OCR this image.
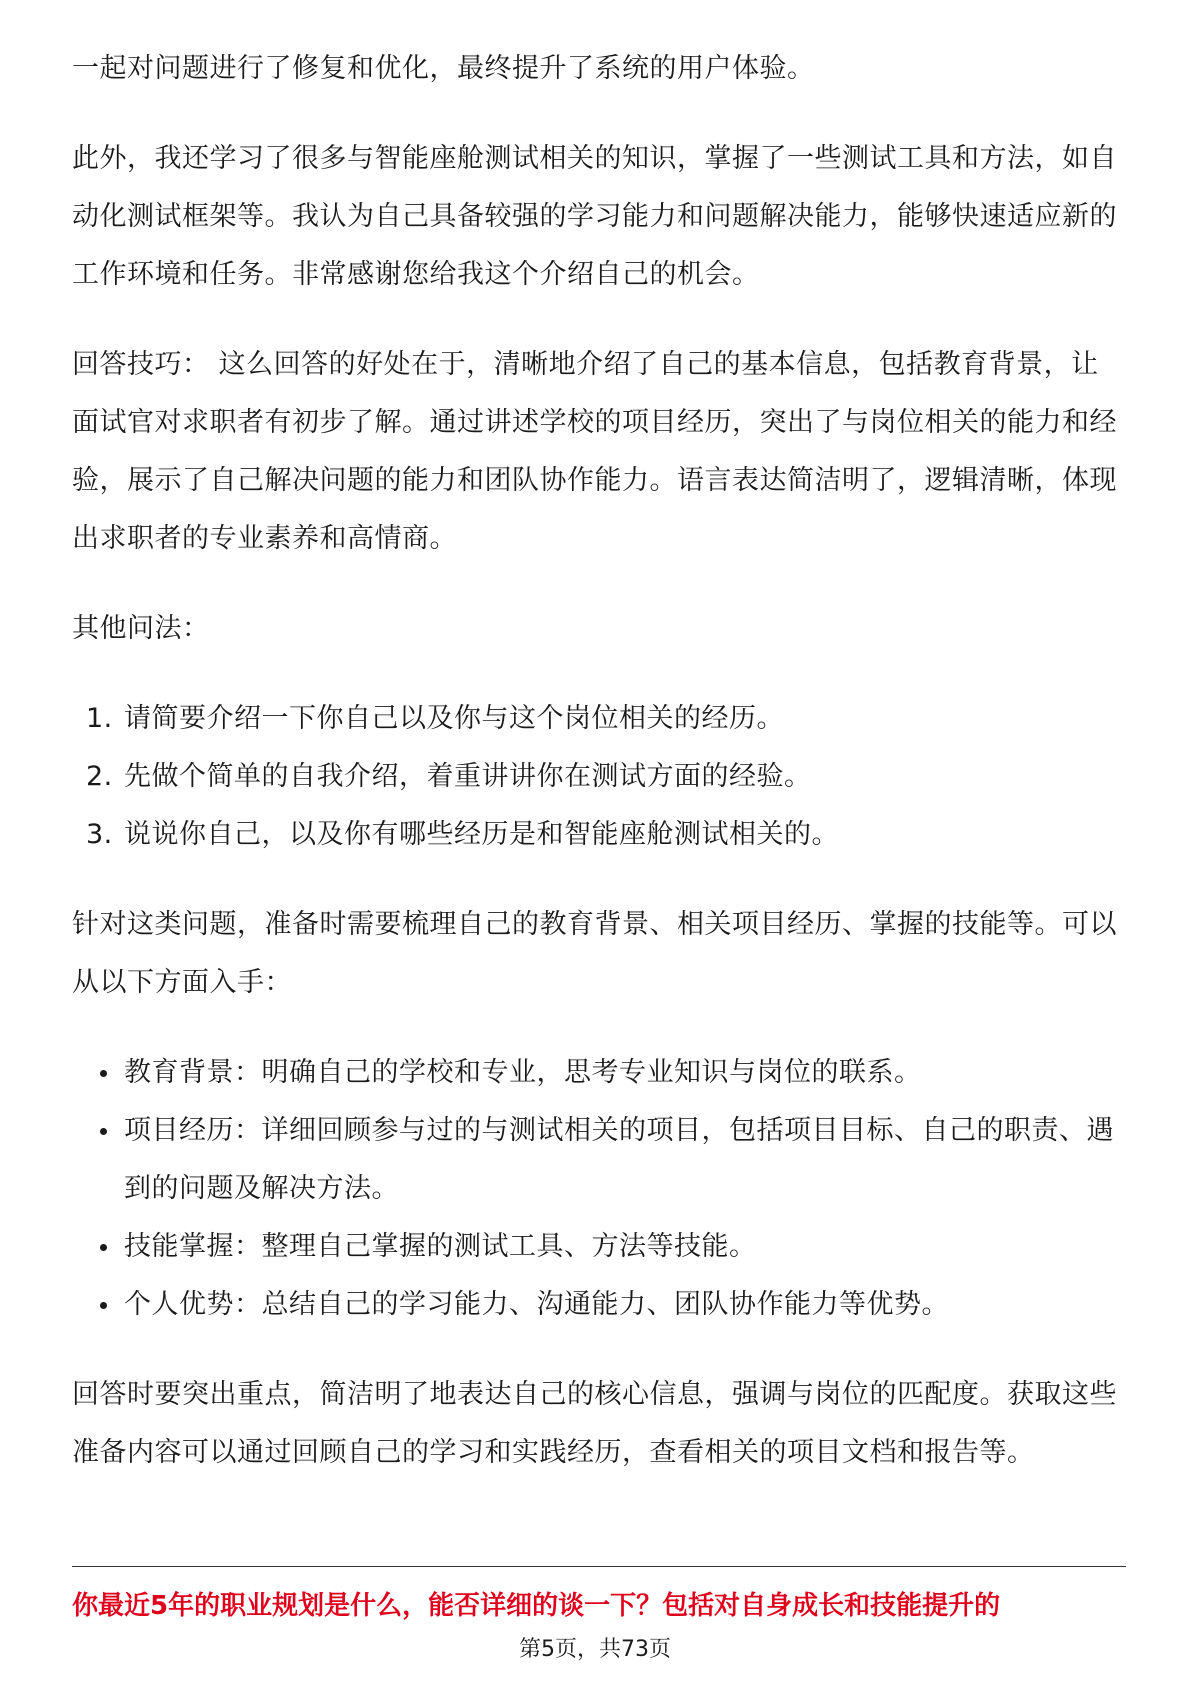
一起对问题进行了修复和优化，最终提升了系统的用户体验。

此外，我还学习了很多与智能座舱测试相关的知识，掌握了一些测试工具和方法，如自动化测试框架等。我认为自己具备较强的学习能力和问题解决能力，能够快速适应新的工作环境和任务。非常感谢您给我这个介绍自己的机会。

回答技巧： 这么回答的好处在于，清晰地介绍了自己的基本信息，包括教育背景，让面试官对求职者有初步了解。通过讲述学校的项目经历，突出了与岗位相关的能力和经验，展示了自己解决问题的能力和团队协作能力。语言表达简洁明了，逻辑清晰，体现出求职者的专业素养和高情商。

其他问法：

1. 请简要介绍一下你自己以及你与这个岗位相关的经历。
2. 先做个简单的自我介绍，着重讲讲你在测试方面的经验。
3. 说说你自己，以及你有哪些经历是和智能座舱测试相关的。

针对这类问题，准备时需要梳理自己的教育背景、相关项目经历、掌握的技能等。可以从以下方面入手：

教育背景：明确自己的学校和专业，思考专业知识与岗位的联系。
项目经历：详细回顾参与过的与测试相关的项目，包括项目目标、自己的职责、遇到的问题及解决方法。
技能掌握：整理自己掌握的测试工具、方法等技能。
个人优势：总结自己的学习能力、沟通能力、团队协作能力等优势。

回答时要突出重点，简洁明了地表达自己的核心信息，强调与岗位的匹配度。获取这些准备内容可以通过回顾自己的学习和实践经历，查看相关的项目文档和报告等。

你最近5年的职业规划是什么，能否详细的谈一下？包括对自身成长和技能提升的
第5页，共73页
